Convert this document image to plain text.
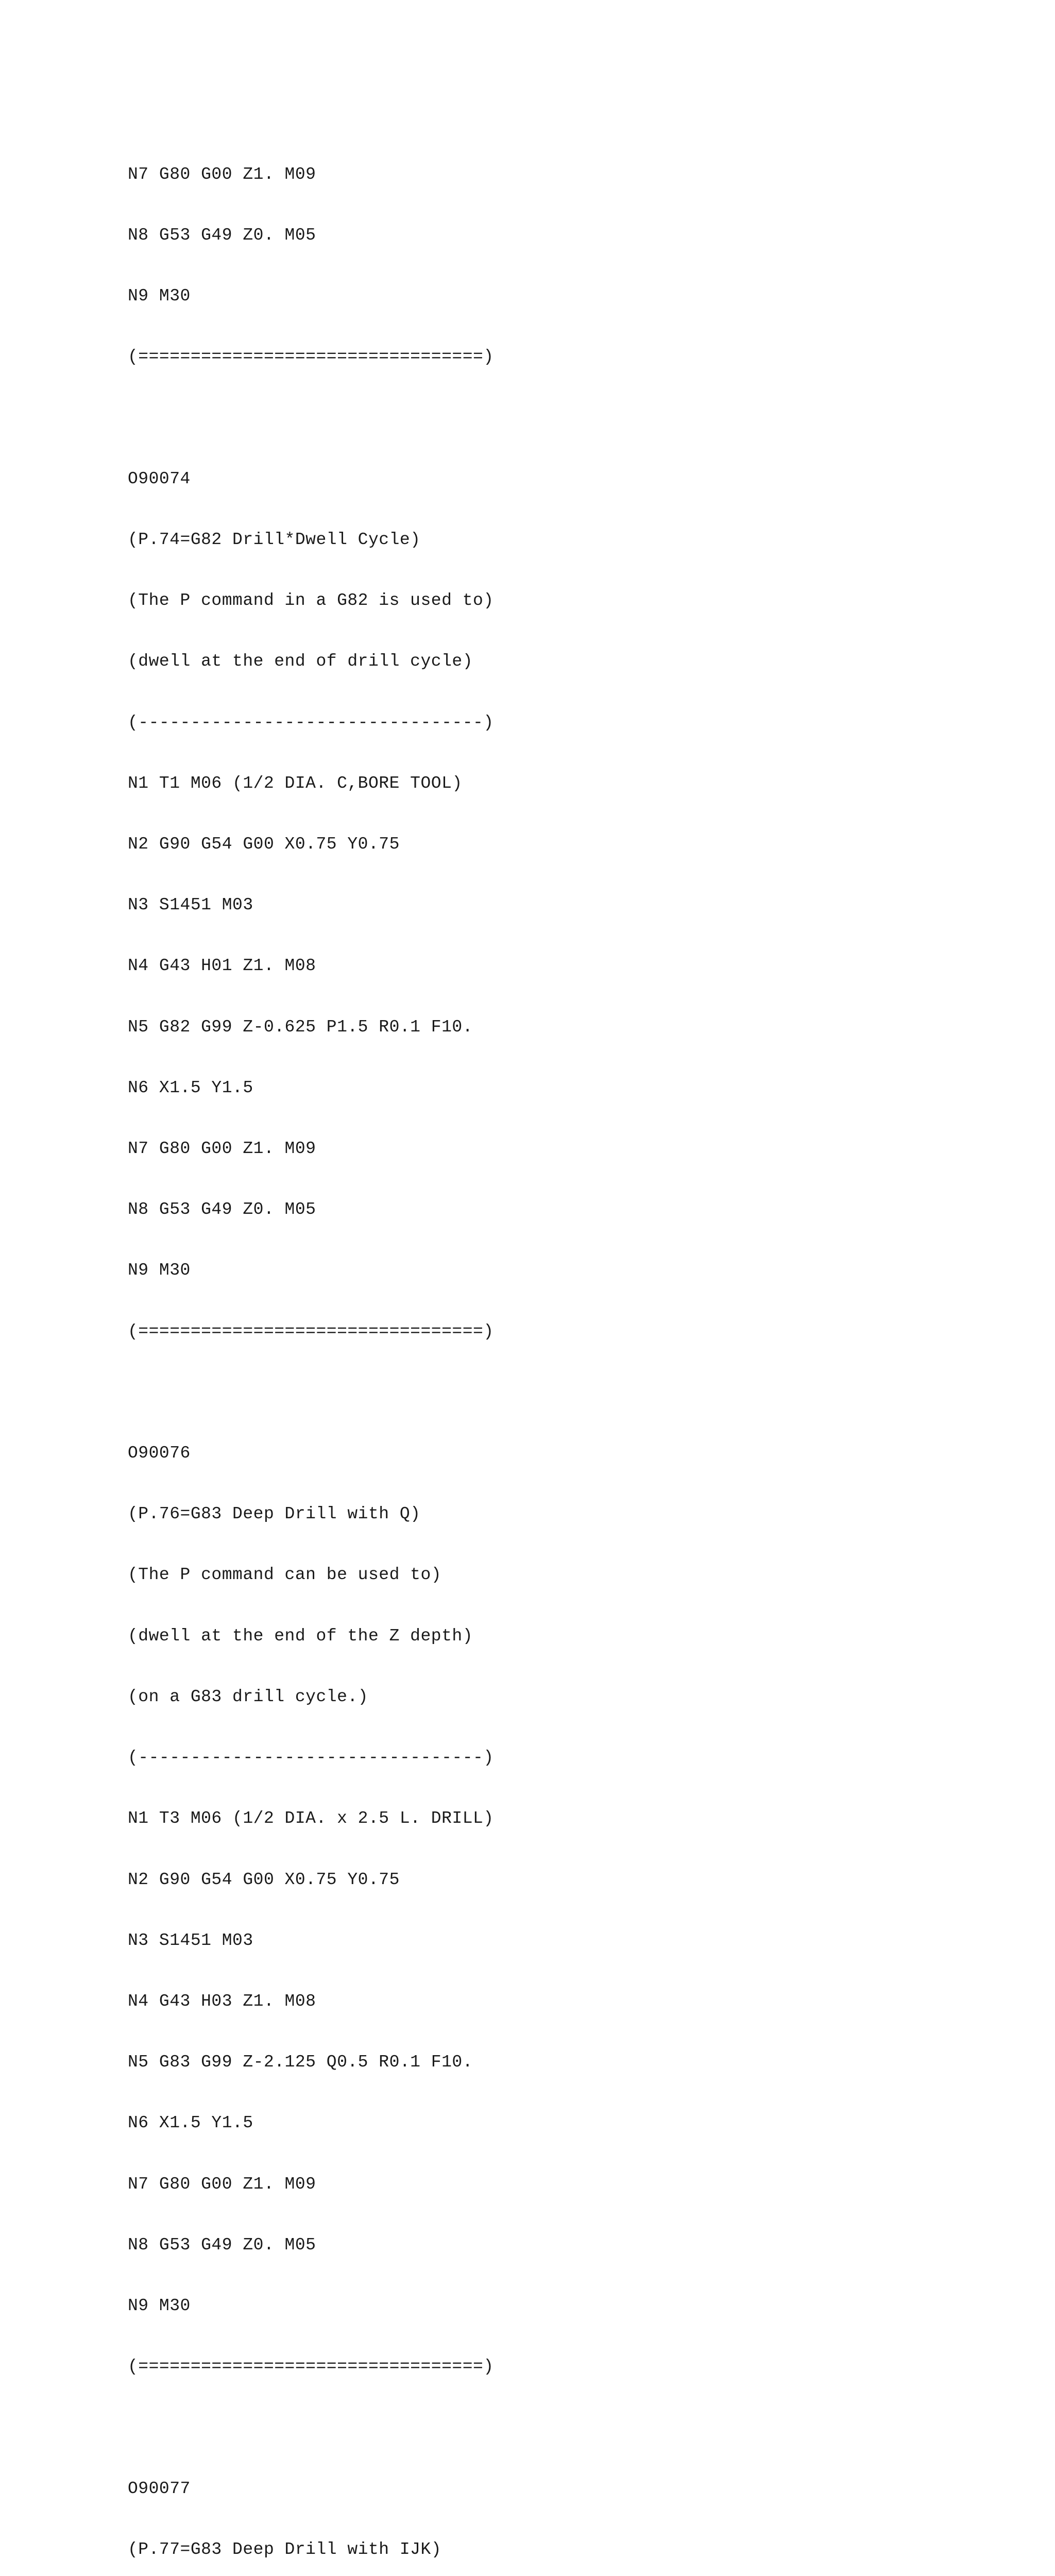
N7 G80 G00 Z1. M09

N8 G53 G49 Z0. M05

N9 M30

(=================================)

O90074

(P.74=G82 Drill*Dwell Cycle)

(The P command in a G82 is used to)

(dwell at the end of drill cycle)

(---------------------------------)

N1 T1 M06 (1/2 DIA. C,BORE TOOL)

N2 G90 G54 G00 X0.75 Y0.75

N3 S1451 M03

N4 G43 H01 Z1. M08

N5 G82 G99 Z-0.625 P1.5 R0.1 F10.

N6 X1.5 Y1.5

N7 G80 G00 Z1. M09

N8 G53 G49 Z0. M05

N9 M30

(=================================)

O90076

(P.76=G83 Deep Drill with Q)

(The P command can be used to)

(dwell at the end of the Z depth)

(on a G83 drill cycle.)

(---------------------------------)

N1 T3 M06 (1/2 DIA. x 2.5 L. DRILL)

N2 G90 G54 G00 X0.75 Y0.75

N3 S1451 M03

N4 G43 H03 Z1. M08

N5 G83 G99 Z-2.125 Q0.5 R0.1 F10.

N6 X1.5 Y1.5

N7 G80 G00 Z1. M09

N8 G53 G49 Z0. M05

N9 M30

(=================================)

O90077

(P.77=G83 Deep Drill with IJK)
